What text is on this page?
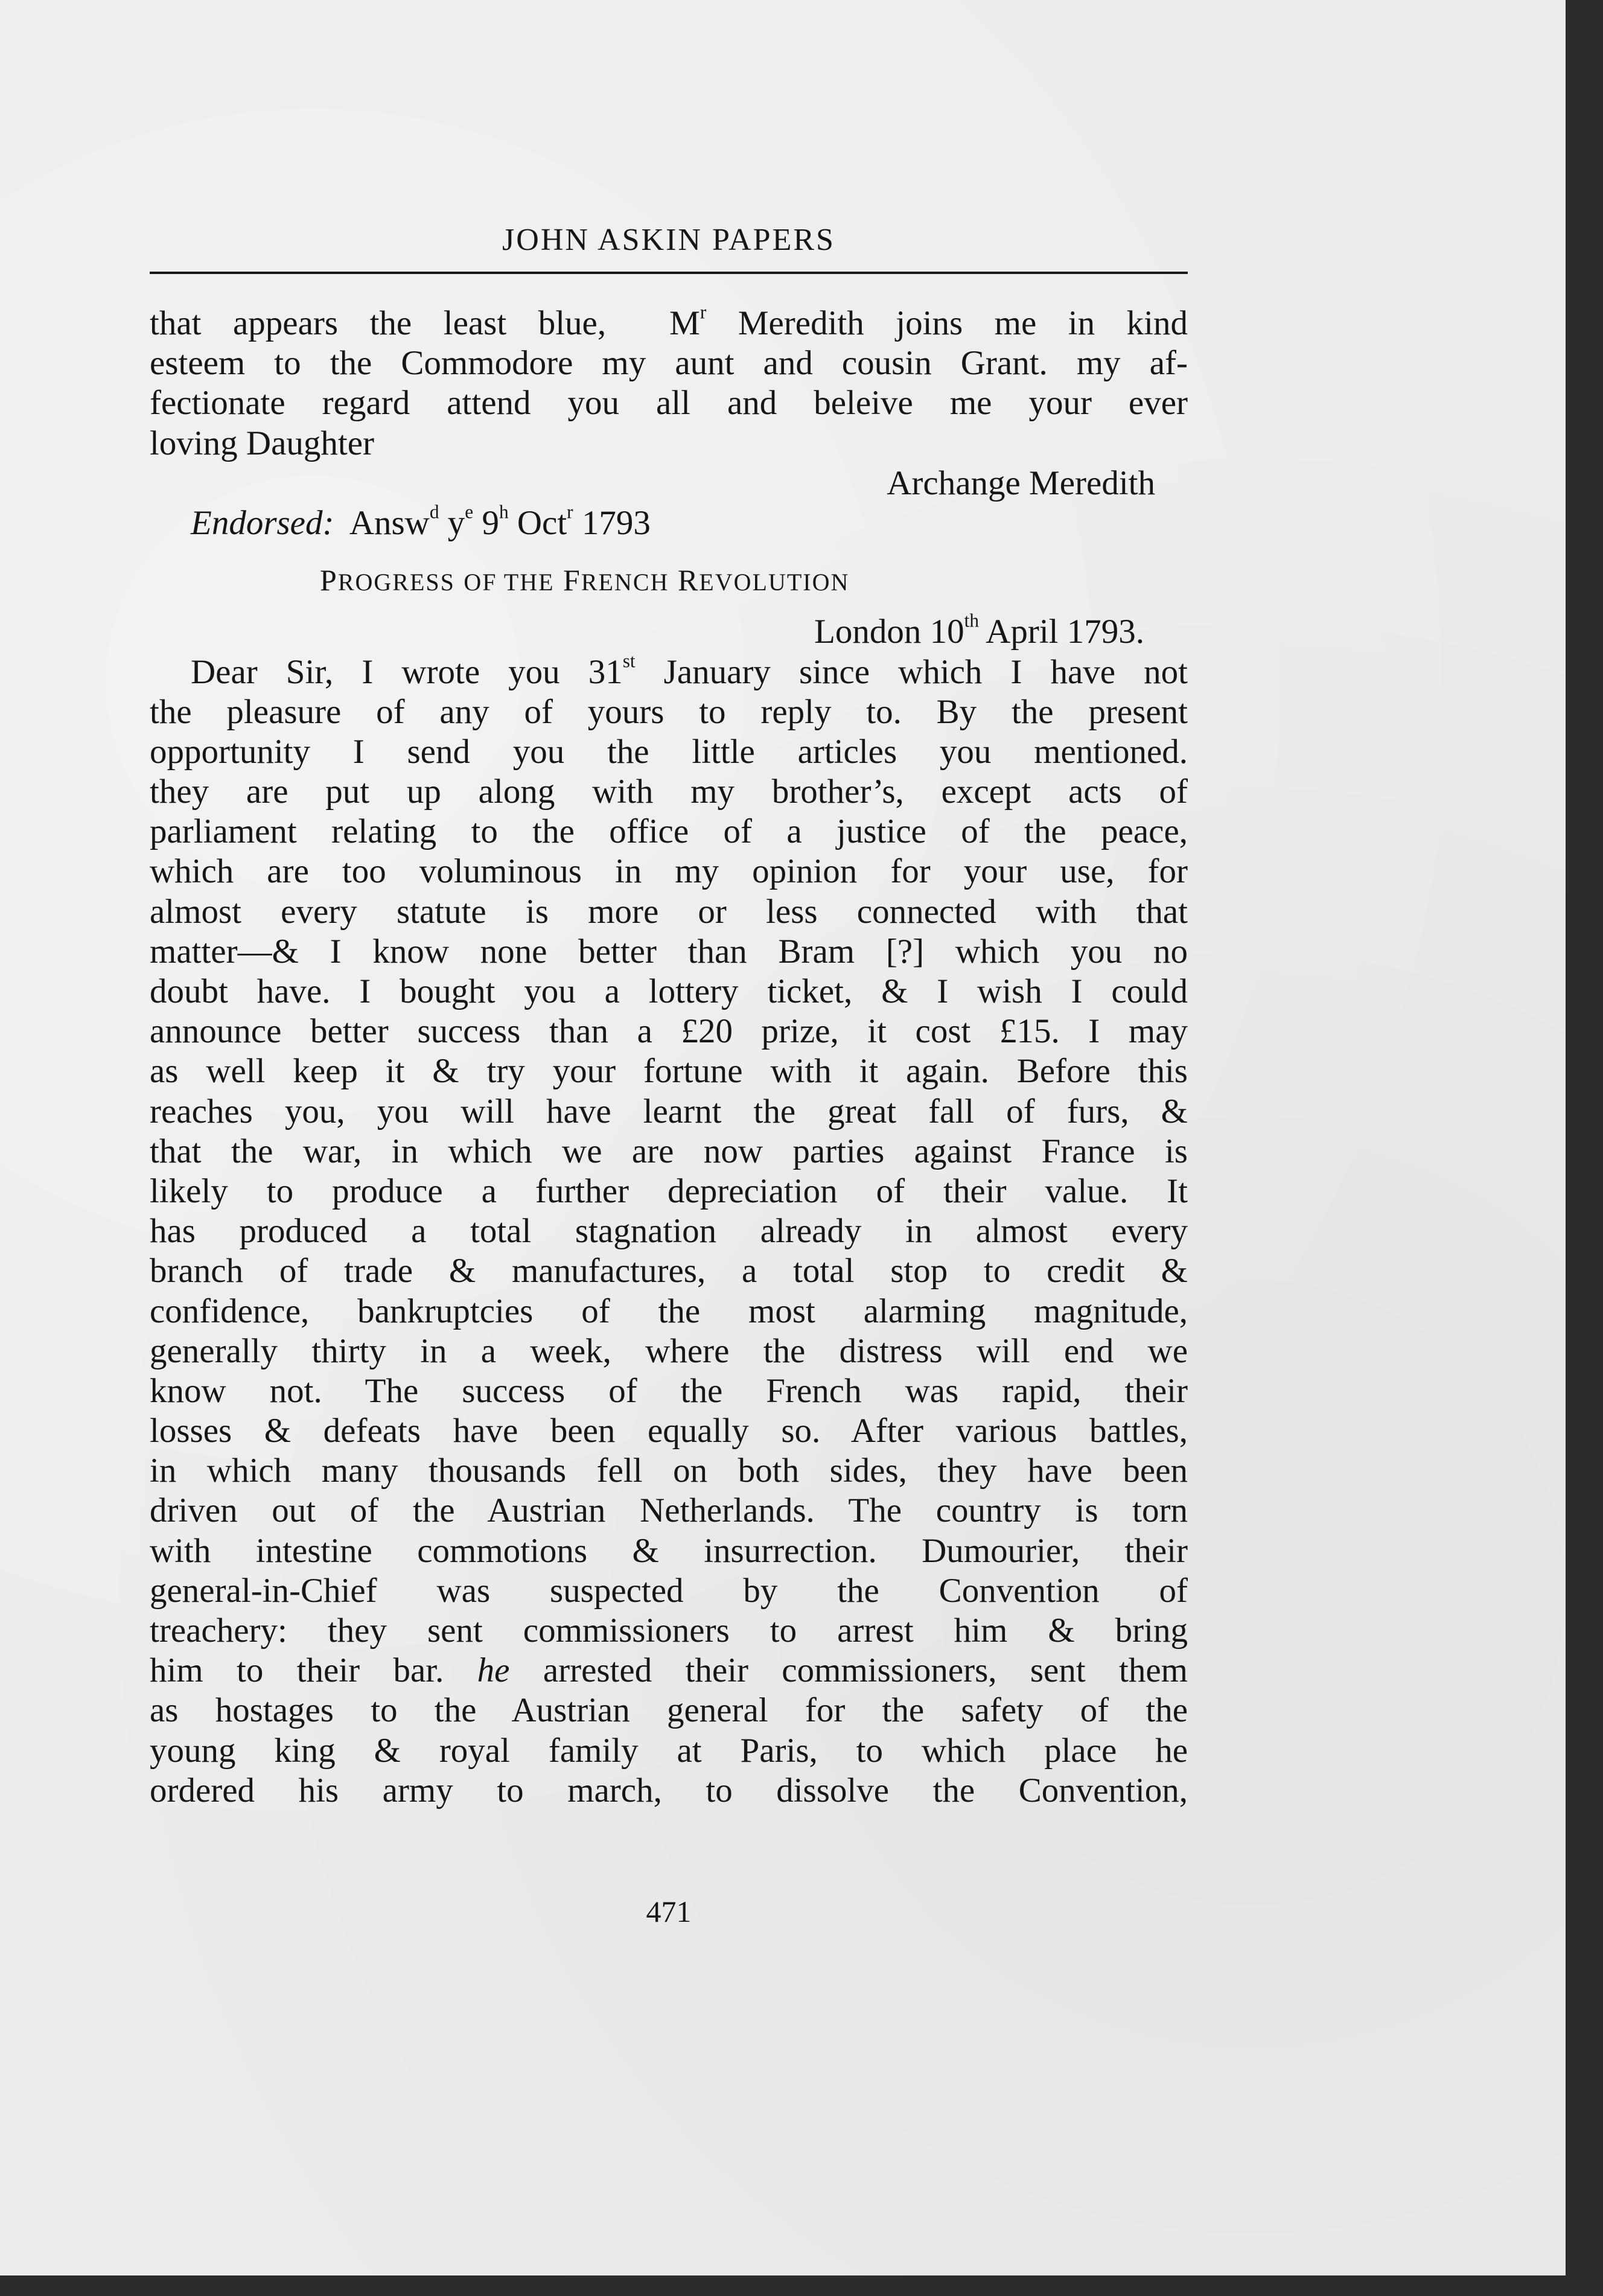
JOHN ASKIN PAPERS
that appears the least blue, $M^r$ Meredith joins me in kind
esteem to the Commodore my aunt and cousin Grant. my af-
fectionate regard attend you all and beleive me your ever
loving Daughter
Archange Meredith
Endorsed: Answ$^d$ $y^e$ 9$^h$ Oct$^r$ 1793
PROGRESS OF THE FRENCH REVOLUTION
London 10th April 1793.
Dear Sir, I wrote you 31st January since which I have not
the pleasure of any of yours to reply to. By the present
opportunity I send you the little articles you mentioned.
they are put up along with my brother’s, except acts of
parliament relating to the office of a justice of the peace,
which are too voluminous in my opinion for your use, for
almost every statute is more or less connected with that
matter—& I know none better than Bram [?] which you no
doubt have. I bought you a lottery ticket, & I wish I could
announce better success than a £20 prize, it cost £15. I may
as well keep it & try your fortune with it again. Before this
reaches you, you will have learnt the great fall of furs, &
that the war, in which we are now parties against France is
likely to produce a further depreciation of their value. It
has produced a total stagnation already in almost every
branch of trade & manufactures, a total stop to credit &
confidence, bankruptcies of the most alarming magnitude,
generally thirty in a week, where the distress will end we
know not. The success of the French was rapid, their
losses & defeats have been equally so. After various battles,
in which many thousands fell on both sides, they have been
driven out of the Austrian Netherlands. The country is torn
with intestine commotions & insurrection. Dumourier, their
general-in-Chief was suspected by the Convention of
treachery: they sent commissioners to arrest him & bring
him to their bar. he arrested their commissioners, sent them
as hostages to the Austrian general for the safety of the
young king & royal family at Paris, to which place he
ordered his army to march, to dissolve the Convention,
471
